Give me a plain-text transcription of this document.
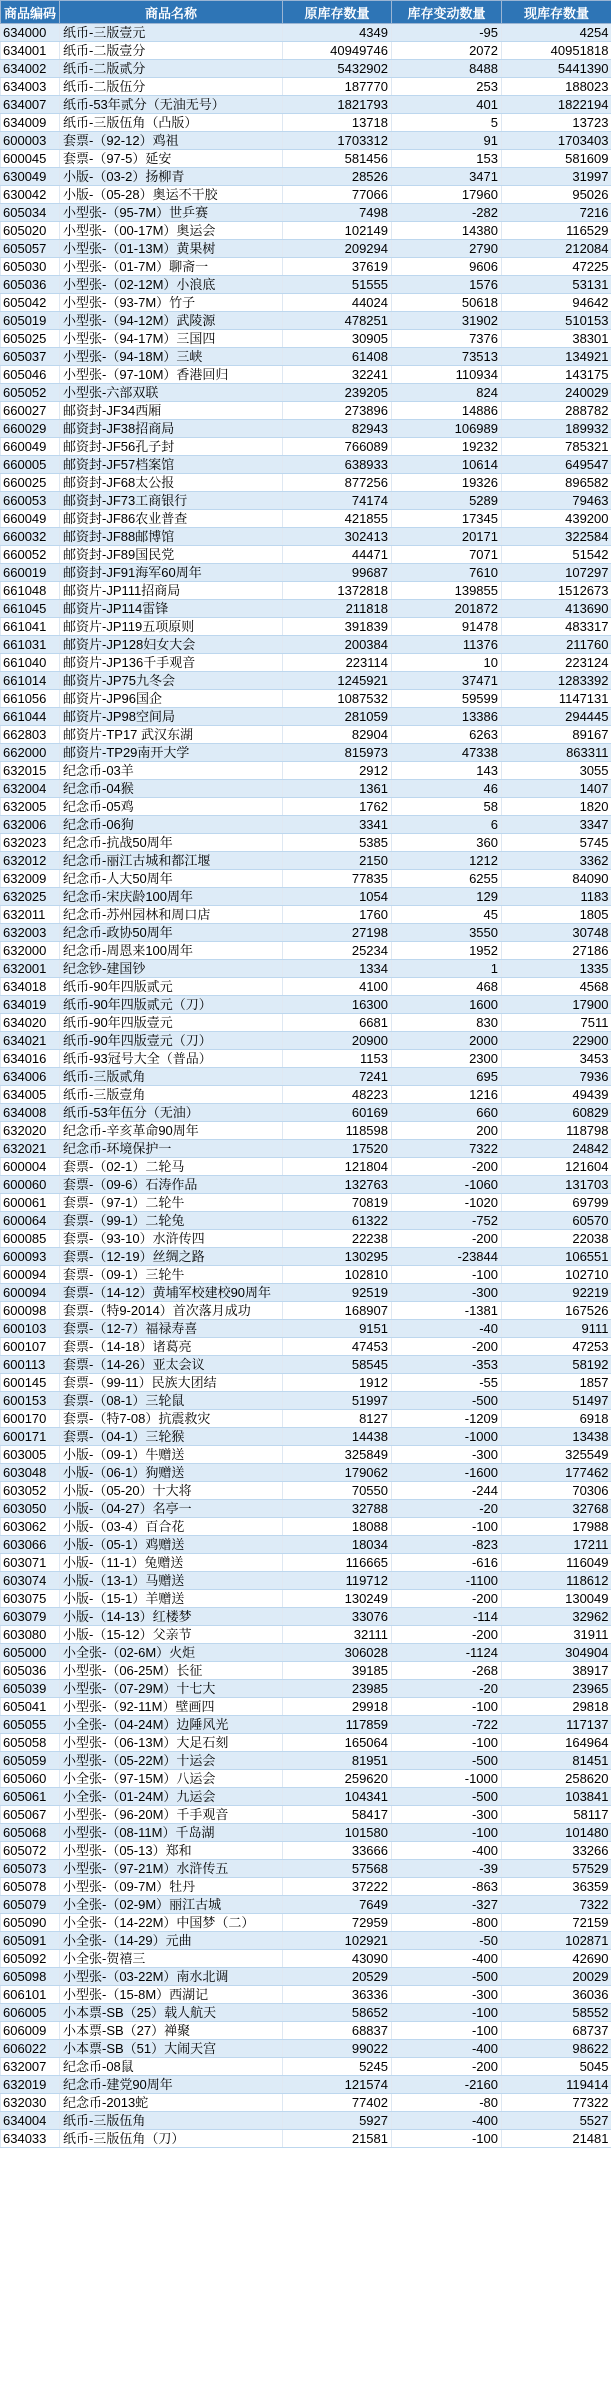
商品编码	商品名称	原库存数量	库存变动数量	现库存数量
634000	纸币-三版壹元	4349	-95	4254
634001	纸币-二版壹分	40949746	2072	40951818
634002	纸币-二版贰分	5432902	8488	5441390
634003	纸币-二版伍分	187770	253	188023
634007	纸币-53年贰分（无油无号）	1821793	401	1822194
634009	纸币-三版伍角（凸版）	13718	5	13723
600003	套票-（92-12）鸡祖	1703312	91	1703403
600045	套票-（97-5）延安	581456	153	581609
630049	小版-（03-2）扬柳青	28526	3471	31997
630042	小版-（05-28）奥运不干胶	77066	17960	95026
605034	小型张-（95-7M）世乒赛	7498	-282	7216
605020	小型张-（00-17M）奥运会	102149	14380	116529
605057	小型张-（01-13M）黄果树	209294	2790	212084
605030	小型张-（01-7M）聊斋一	37619	9606	47225
605036	小型张-（02-12M）小浪底	51555	1576	53131
605042	小型张-（93-7M）竹子	44024	50618	94642
605019	小型张-（94-12M）武陵源	478251	31902	510153
605025	小型张-（94-17M）三国四	30905	7376	38301
605037	小型张-（94-18M）三峡	61408	73513	134921
605046	小型张-（97-10M）香港回归	32241	110934	143175
605052	小型张-六部双联	239205	824	240029
660027	邮资封-JF34西厢	273896	14886	288782
660029	邮资封-JF38招商局	82943	106989	189932
660049	邮资封-JF56孔子封	766089	19232	785321
660005	邮资封-JF57档案馆	638933	10614	649547
660025	邮资封-JF68太公报	877256	19326	896582
660053	邮资封-JF73工商银行	74174	5289	79463
660049	邮资封-JF86农业普查	421855	17345	439200
660032	邮资封-JF88邮博馆	302413	20171	322584
660052	邮资封-JF89国民党	44471	7071	51542
660019	邮资封-JF91海军60周年	99687	7610	107297
661048	邮资片-JP111招商局	1372818	139855	1512673
661045	邮资片-JP114雷锋	211818	201872	413690
661041	邮资片-JP119五项原则	391839	91478	483317
661031	邮资片-JP128妇女大会	200384	11376	211760
661040	邮资片-JP136千手观音	223114	10	223124
661014	邮资片-JP75九冬会	1245921	37471	1283392
661056	邮资片-JP96国企	1087532	59599	1147131
661044	邮资片-JP98空间局	281059	13386	294445
662803	邮资片-TP17 武汉东湖	82904	6263	89167
662000	邮资片-TP29南开大学	815973	47338	863311
632015	纪念币-03羊	2912	143	3055
632004	纪念币-04猴	1361	46	1407
632005	纪念币-05鸡	1762	58	1820
632006	纪念币-06狗	3341	6	3347
632023	纪念币-抗战50周年	5385	360	5745
632012	纪念币-丽江古城和都江堰	2150	1212	3362
632009	纪念币-人大50周年	77835	6255	84090
632025	纪念币-宋庆龄100周年	1054	129	1183
632011	纪念币-苏州园林和周口店	1760	45	1805
632003	纪念币-政协50周年	27198	3550	30748
632000	纪念币-周恩来100周年	25234	1952	27186
632001	纪念钞-建国钞	1334	1	1335
634018	纸币-90年四版贰元	4100	468	4568
634019	纸币-90年四版贰元（刀）	16300	1600	17900
634020	纸币-90年四版壹元	6681	830	7511
634021	纸币-90年四版壹元（刀）	20900	2000	22900
634016	纸币-93冠号大全（普品）	1153	2300	3453
634006	纸币-三版贰角	7241	695	7936
634005	纸币-三版壹角	48223	1216	49439
634008	纸币-53年伍分（无油）	60169	660	60829
632020	纪念币-辛亥革命90周年	118598	200	118798
632021	纪念币-环境保护一	17520	7322	24842
600004	套票-（02-1）二轮马	121804	-200	121604
600060	套票-（09-6）石涛作品	132763	-1060	131703
600061	套票-（97-1）二轮牛	70819	-1020	69799
600064	套票-（99-1）二轮兔	61322	-752	60570
600085	套票-（93-10）水浒传四	22238	-200	22038
600093	套票-（12-19）丝绸之路	130295	-23844	106551
600094	套票-（09-1）三轮牛	102810	-100	102710
600094	套票-（14-12）黄埔军校建校90周年	92519	-300	92219
600098	套票-（特9-2014）首次落月成功	168907	-1381	167526
600103	套票-（12-7）福禄寿喜	9151	-40	9111
600107	套票-（14-18）诸葛亮	47453	-200	47253
600113	套票-（14-26）亚太会议	58545	-353	58192
600145	套票-（99-11）民族大团结	1912	-55	1857
600153	套票-（08-1）三轮鼠	51997	-500	51497
600170	套票-（特7-08）抗震救灾	8127	-1209	6918
600171	套票-（04-1）三轮猴	14438	-1000	13438
603005	小版-（09-1）牛赠送	325849	-300	325549
603048	小版-（06-1）狗赠送	179062	-1600	177462
603052	小版-（05-20）十大将	70550	-244	70306
603050	小版-（04-27）名亭一	32788	-20	32768
603062	小版-（03-4）百合花	18088	-100	17988
603066	小版-（05-1）鸡赠送	18034	-823	17211
603071	小版-（11-1）兔赠送	116665	-616	116049
603074	小版-（13-1）马赠送	119712	-1100	118612
603075	小版-（15-1）羊赠送	130249	-200	130049
603079	小版-（14-13）红楼梦	33076	-114	32962
603080	小版-（15-12）父亲节	32111	-200	31911
605000	小全张-（02-6M）火炬	306028	-1124	304904
605036	小型张-（06-25M）长征	39185	-268	38917
605039	小型张-（07-29M）十七大	23985	-20	23965
605041	小型张-（92-11M）壁画四	29918	-100	29818
605055	小全张-（04-24M）边陲风光	117859	-722	117137
605058	小型张-（06-13M）大足石刻	165064	-100	164964
605059	小型张-（05-22M）十运会	81951	-500	81451
605060	小全张-（97-15M）八运会	259620	-1000	258620
605061	小全张-（01-24M）九运会	104341	-500	103841
605067	小型张-（96-20M）千手观音	58417	-300	58117
605068	小型张-（08-11M）千岛湖	101580	-100	101480
605072	小型张-（05-13）郑和	33666	-400	33266
605073	小型张-（97-21M）水浒传五	57568	-39	57529
605078	小型张-（09-7M）牡丹	37222	-863	36359
605079	小全张-（02-9M）丽江古城	7649	-327	7322
605090	小全张-（14-22M）中国梦（二）	72959	-800	72159
605091	小全张-（14-29）元曲	102921	-50	102871
605092	小全张-贺禧三	43090	-400	42690
605098	小型张-（03-22M）南水北调	20529	-500	20029
606101	小型张-（15-8M）西湖记	36336	-300	36036
606005	小本票-SB（25）载人航天	58652	-100	58552
606009	小本票-SB（27）禅聚	68837	-100	68737
606022	小本票-SB（51）大闹天宫	99022	-400	98622
632007	纪念币-08鼠	5245	-200	5045
632019	纪念币-建党90周年	121574	-2160	119414
632030	纪念币-2013蛇	77402	-80	77322
634004	纸币-三版伍角	5927	-400	5527
634033	纸币-三版伍角（刀）	21581	-100	21481
